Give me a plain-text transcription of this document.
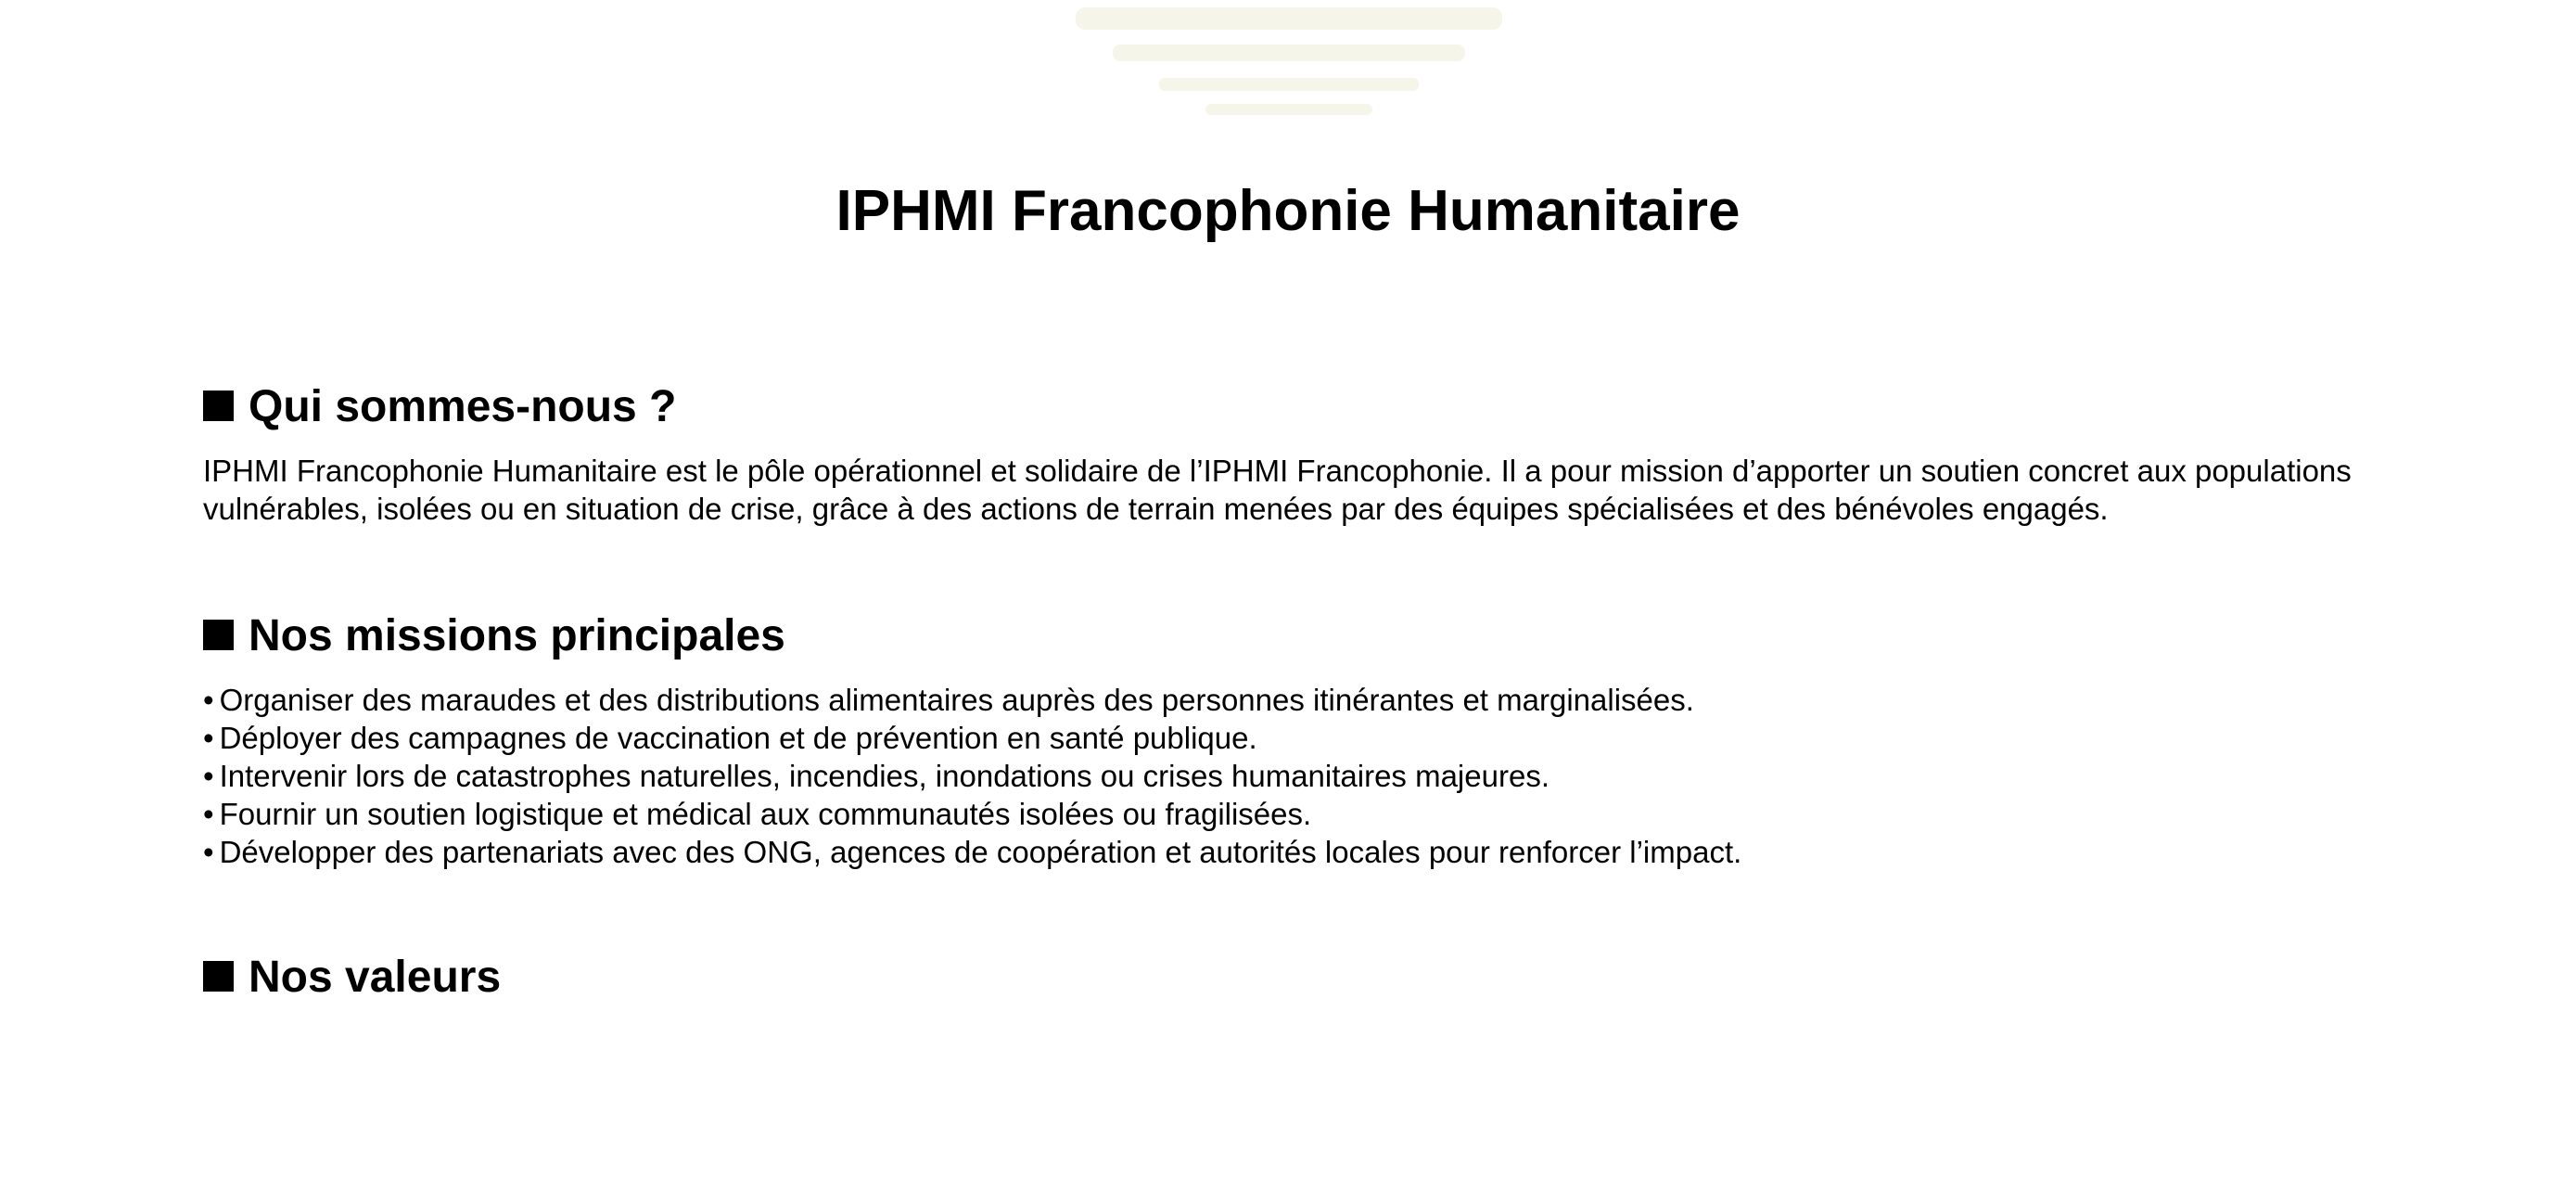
IPHMI Francophonie Humanitaire
Qui sommes-nous ?

IPHMI Francophonie Humanitaire est le pôle opérationnel et solidaire de l’IPHMI Francophonie. Il a pour mission d’apporter un soutien concret aux populations vulnérables, isolées ou en situation de crise, grâce à des actions de terrain menées par des équipes spécialisées et des bénévoles engagés.

Nos missions principales
• Organiser des maraudes et des distributions alimentaires auprès des personnes itinérantes et marginalisées.
• Déployer des campagnes de vaccination et de prévention en santé publique.
• Intervenir lors de catastrophes naturelles, incendies, inondations ou crises humanitaires majeures.
• Fournir un soutien logistique et médical aux communautés isolées ou fragilisées.
• Développer des partenariats avec des ONG, agences de coopération et autorités locales pour renforcer l’impact.
Nos valeurs
